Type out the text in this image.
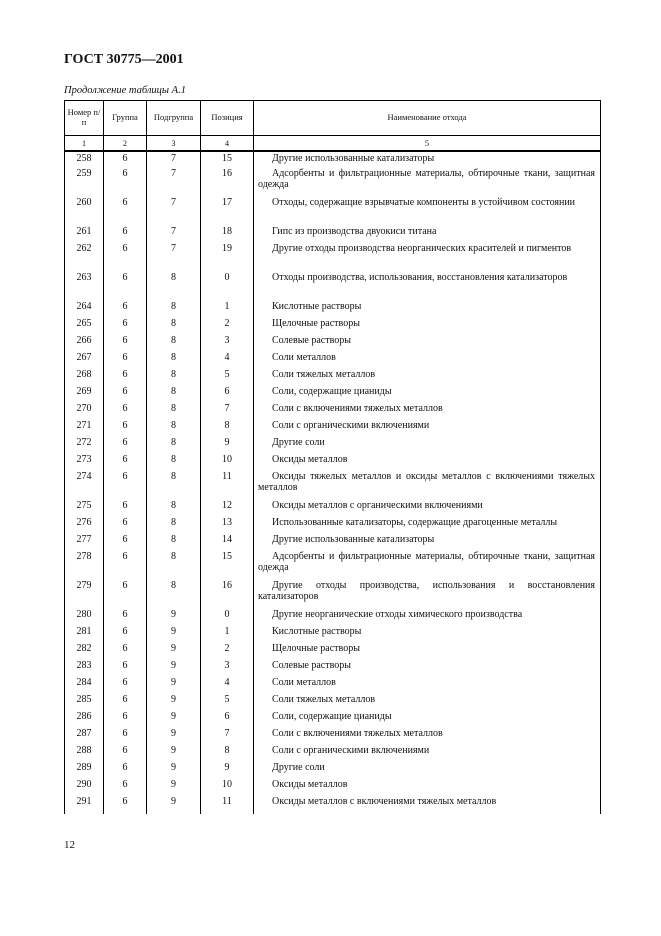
ГОСТ 30775—2001
Продолжение таблицы А.1
Номер п/п	Группа	Подгруппа	Позиция	Наименование отхода
1	2	3	4	5
258	6	7	15	Другие использованные катализаторы
259	6	7	16	Адсорбенты и фильтрационные материалы, обтирочные ткани, защитная одежда
260	6	7	17	Отходы, содержащие взрывчатые компоненты в устойчивом состоянии
261	6	7	18	Гипс из производства двуокиси титана
262	6	7	19	Другие отходы производства неорганических красителей и пигментов
263	6	8	0	Отходы производства, использования, восстановления катализаторов
264	6	8	1	Кислотные растворы
265	6	8	2	Щелочные растворы
266	6	8	3	Солевые растворы
267	6	8	4	Соли металлов
268	6	8	5	Соли тяжелых металлов
269	6	8	6	Соли, содержащие цианиды
270	6	8	7	Соли с включениями тяжелых металлов
271	6	8	8	Соли с органическими включениями
272	6	8	9	Другие соли
273	6	8	10	Оксиды металлов
274	6	8	11	Оксиды тяжелых металлов и оксиды металлов с включениями тяжелых металлов
275	6	8	12	Оксиды металлов с органическими включениями
276	6	8	13	Использованные катализаторы, содержащие драгоценные металлы
277	6	8	14	Другие использованные катализаторы
278	6	8	15	Адсорбенты и фильтрационные материалы, обтирочные ткани, защитная одежда
279	6	8	16	Другие отходы производства, использования и восстановления катализаторов
280	6	9	0	Другие неорганические отходы химического производства
281	6	9	1	Кислотные растворы
282	6	9	2	Щелочные растворы
283	6	9	3	Солевые растворы
284	6	9	4	Соли металлов
285	6	9	5	Соли тяжелых металлов
286	6	9	6	Соли, содержащие цианиды
287	6	9	7	Соли с включениями тяжелых металлов
288	6	9	8	Соли с органическими включениями
289	6	9	9	Другие соли
290	6	9	10	Оксиды металлов
291	6	9	11	Оксиды металлов с включениями тяжелых металлов
12
